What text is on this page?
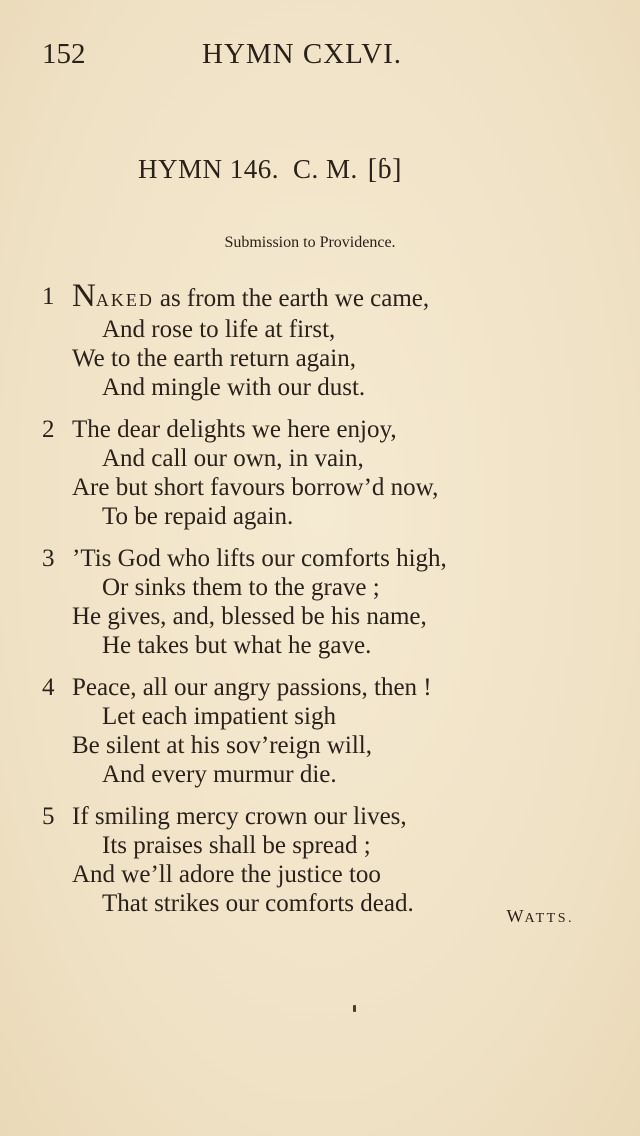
152	HYMN CXLVI.
HYMN 146. C. M. [ɓ]
Submission to Providence.
1 NAKED as from the earth we came,
And rose to life at first,
We to the earth return again,
And mingle with our dust.
2 The dear delights we here enjoy,
And call our own, in vain,
Are but short favours borrow’d now,
To be repaid again.
3 ’Tis God who lifts our comforts high,
Or sinks them to the grave ;
He gives, and, blessed be his name,
He takes but what he gave.
4 Peace, all our angry passions, then !
Let each impatient sigh
Be silent at his sov’reign will,
And every murmur die.
5 If smiling mercy crown our lives,
Its praises shall be spread ;
And we’ll adore the justice too
That strikes our comforts dead.	WATTS.
